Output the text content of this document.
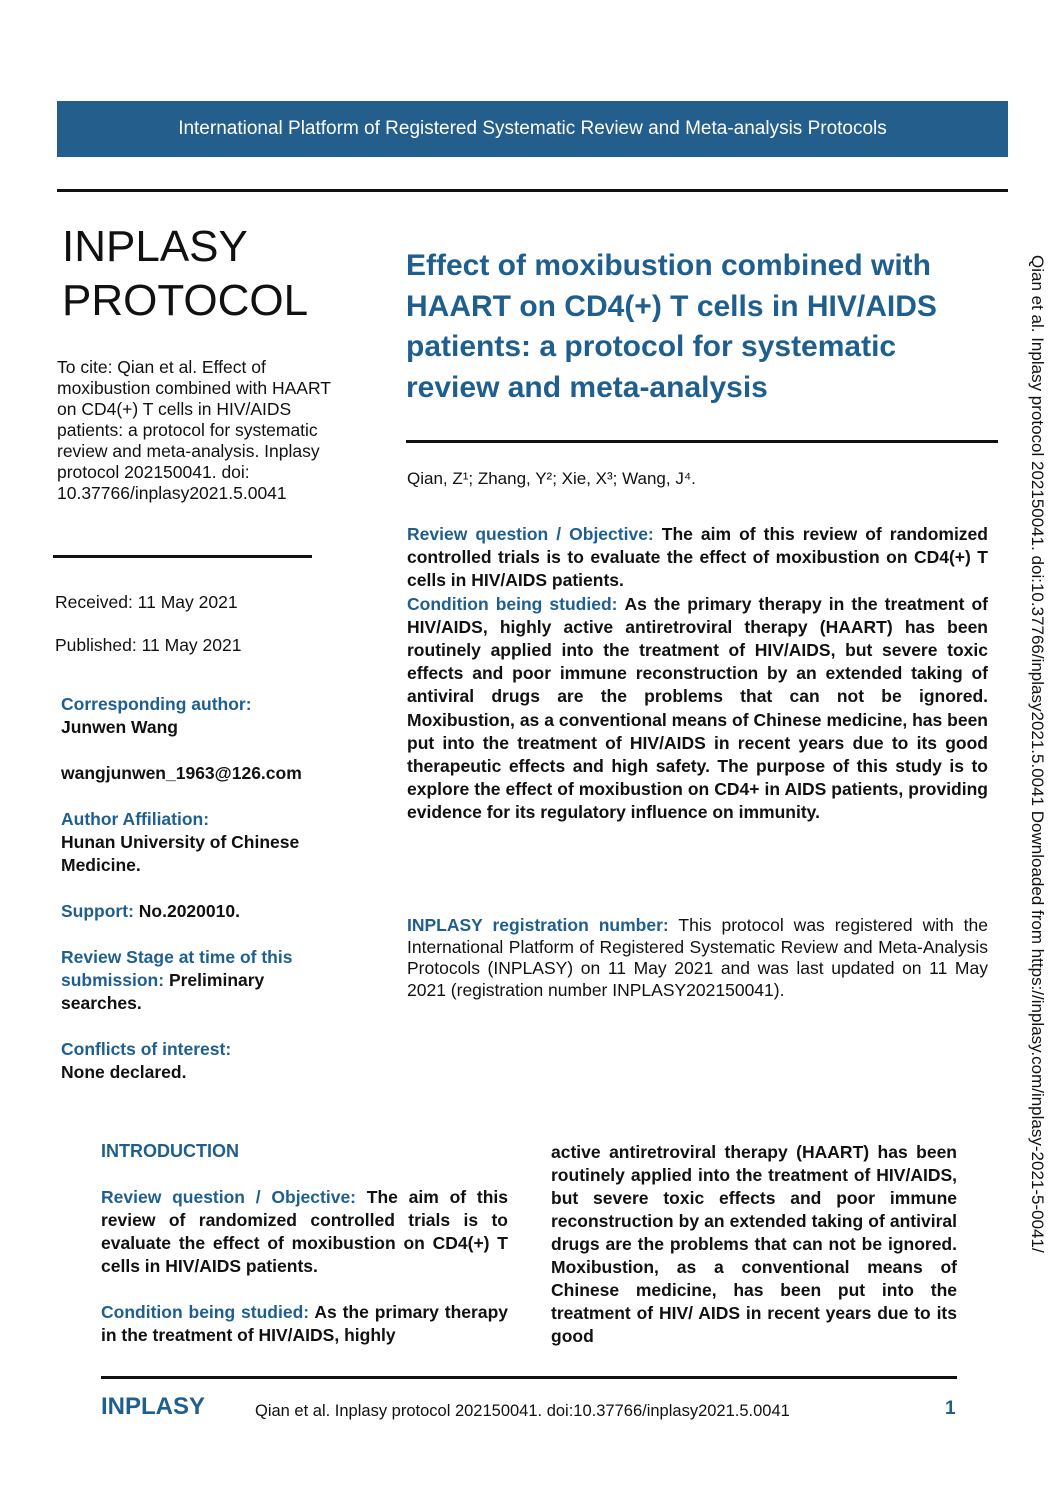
International Platform of Registered Systematic Review and Meta-analysis Protocols
INPLASY
PROTOCOL
To cite: Qian et al. Effect of moxibustion combined with HAART on CD4(+) T cells in HIV/AIDS patients: a protocol for systematic review and meta-analysis. Inplasy protocol 202150041. doi: 10.37766/inplasy2021.5.0041
Received: 11 May 2021
Published: 11 May 2021
Corresponding author:
Junwen Wang
wangjunwen_1963@126.com
Author Affiliation:
Hunan University of Chinese Medicine.
Support: No.2020010.
Review Stage at time of this
submission: Preliminary
searches.
Conflicts of interest:
None declared.
Effect of moxibustion combined with HAART on CD4(+) T cells in HIV/AIDS patients: a protocol for systematic review and meta-analysis
Qian, Z¹; Zhang, Y²; Xie, X³; Wang, J⁴.
Review question / Objective: The aim of this review of randomized controlled trials is to evaluate the effect of moxibustion on CD4(+) T cells in HIV/AIDS patients.
Condition being studied: As the primary therapy in the treatment of HIV/AIDS, highly active antiretroviral therapy (HAART) has been routinely applied into the treatment of HIV/AIDS, but severe toxic effects and poor immune reconstruction by an extended taking of antiviral drugs are the problems that can not be ignored. Moxibustion, as a conventional means of Chinese medicine, has been put into the treatment of HIV/AIDS in recent years due to its good therapeutic effects and high safety. The purpose of this study is to explore the effect of moxibustion on CD4+ in AIDS patients, providing evidence for its regulatory influence on immunity.
INPLASY registration number: This protocol was registered with the International Platform of Registered Systematic Review and Meta-Analysis Protocols (INPLASY) on 11 May 2021 and was last updated on 11 May 2021 (registration number INPLASY202150041).	Qian et al. Inplasy protocol 202150041. doi:10.37766/inplasy2021.5.0041 Downloaded from https://inplasy.com/inplasy-2021-5-0041/
INTRODUCTION
Review question / Objective: The aim of this review of randomized controlled trials is to evaluate the effect of moxibustion on CD4(+) T cells in HIV/AIDS patients.
Condition being studied: As the primary therapy in the treatment of HIV/AIDS, highly
active antiretroviral therapy (HAART) has been routinely applied into the treatment of HIV/AIDS, but severe toxic effects and poor immune reconstruction by an extended taking of antiviral drugs are the problems that can not be ignored. Moxibustion, as a conventional means of Chinese medicine, has been put into the treatment of HIV/ AIDS in recent years due to its good
INPLASY	Qian et al. Inplasy protocol 202150041. doi:10.37766/inplasy2021.5.0041	1
